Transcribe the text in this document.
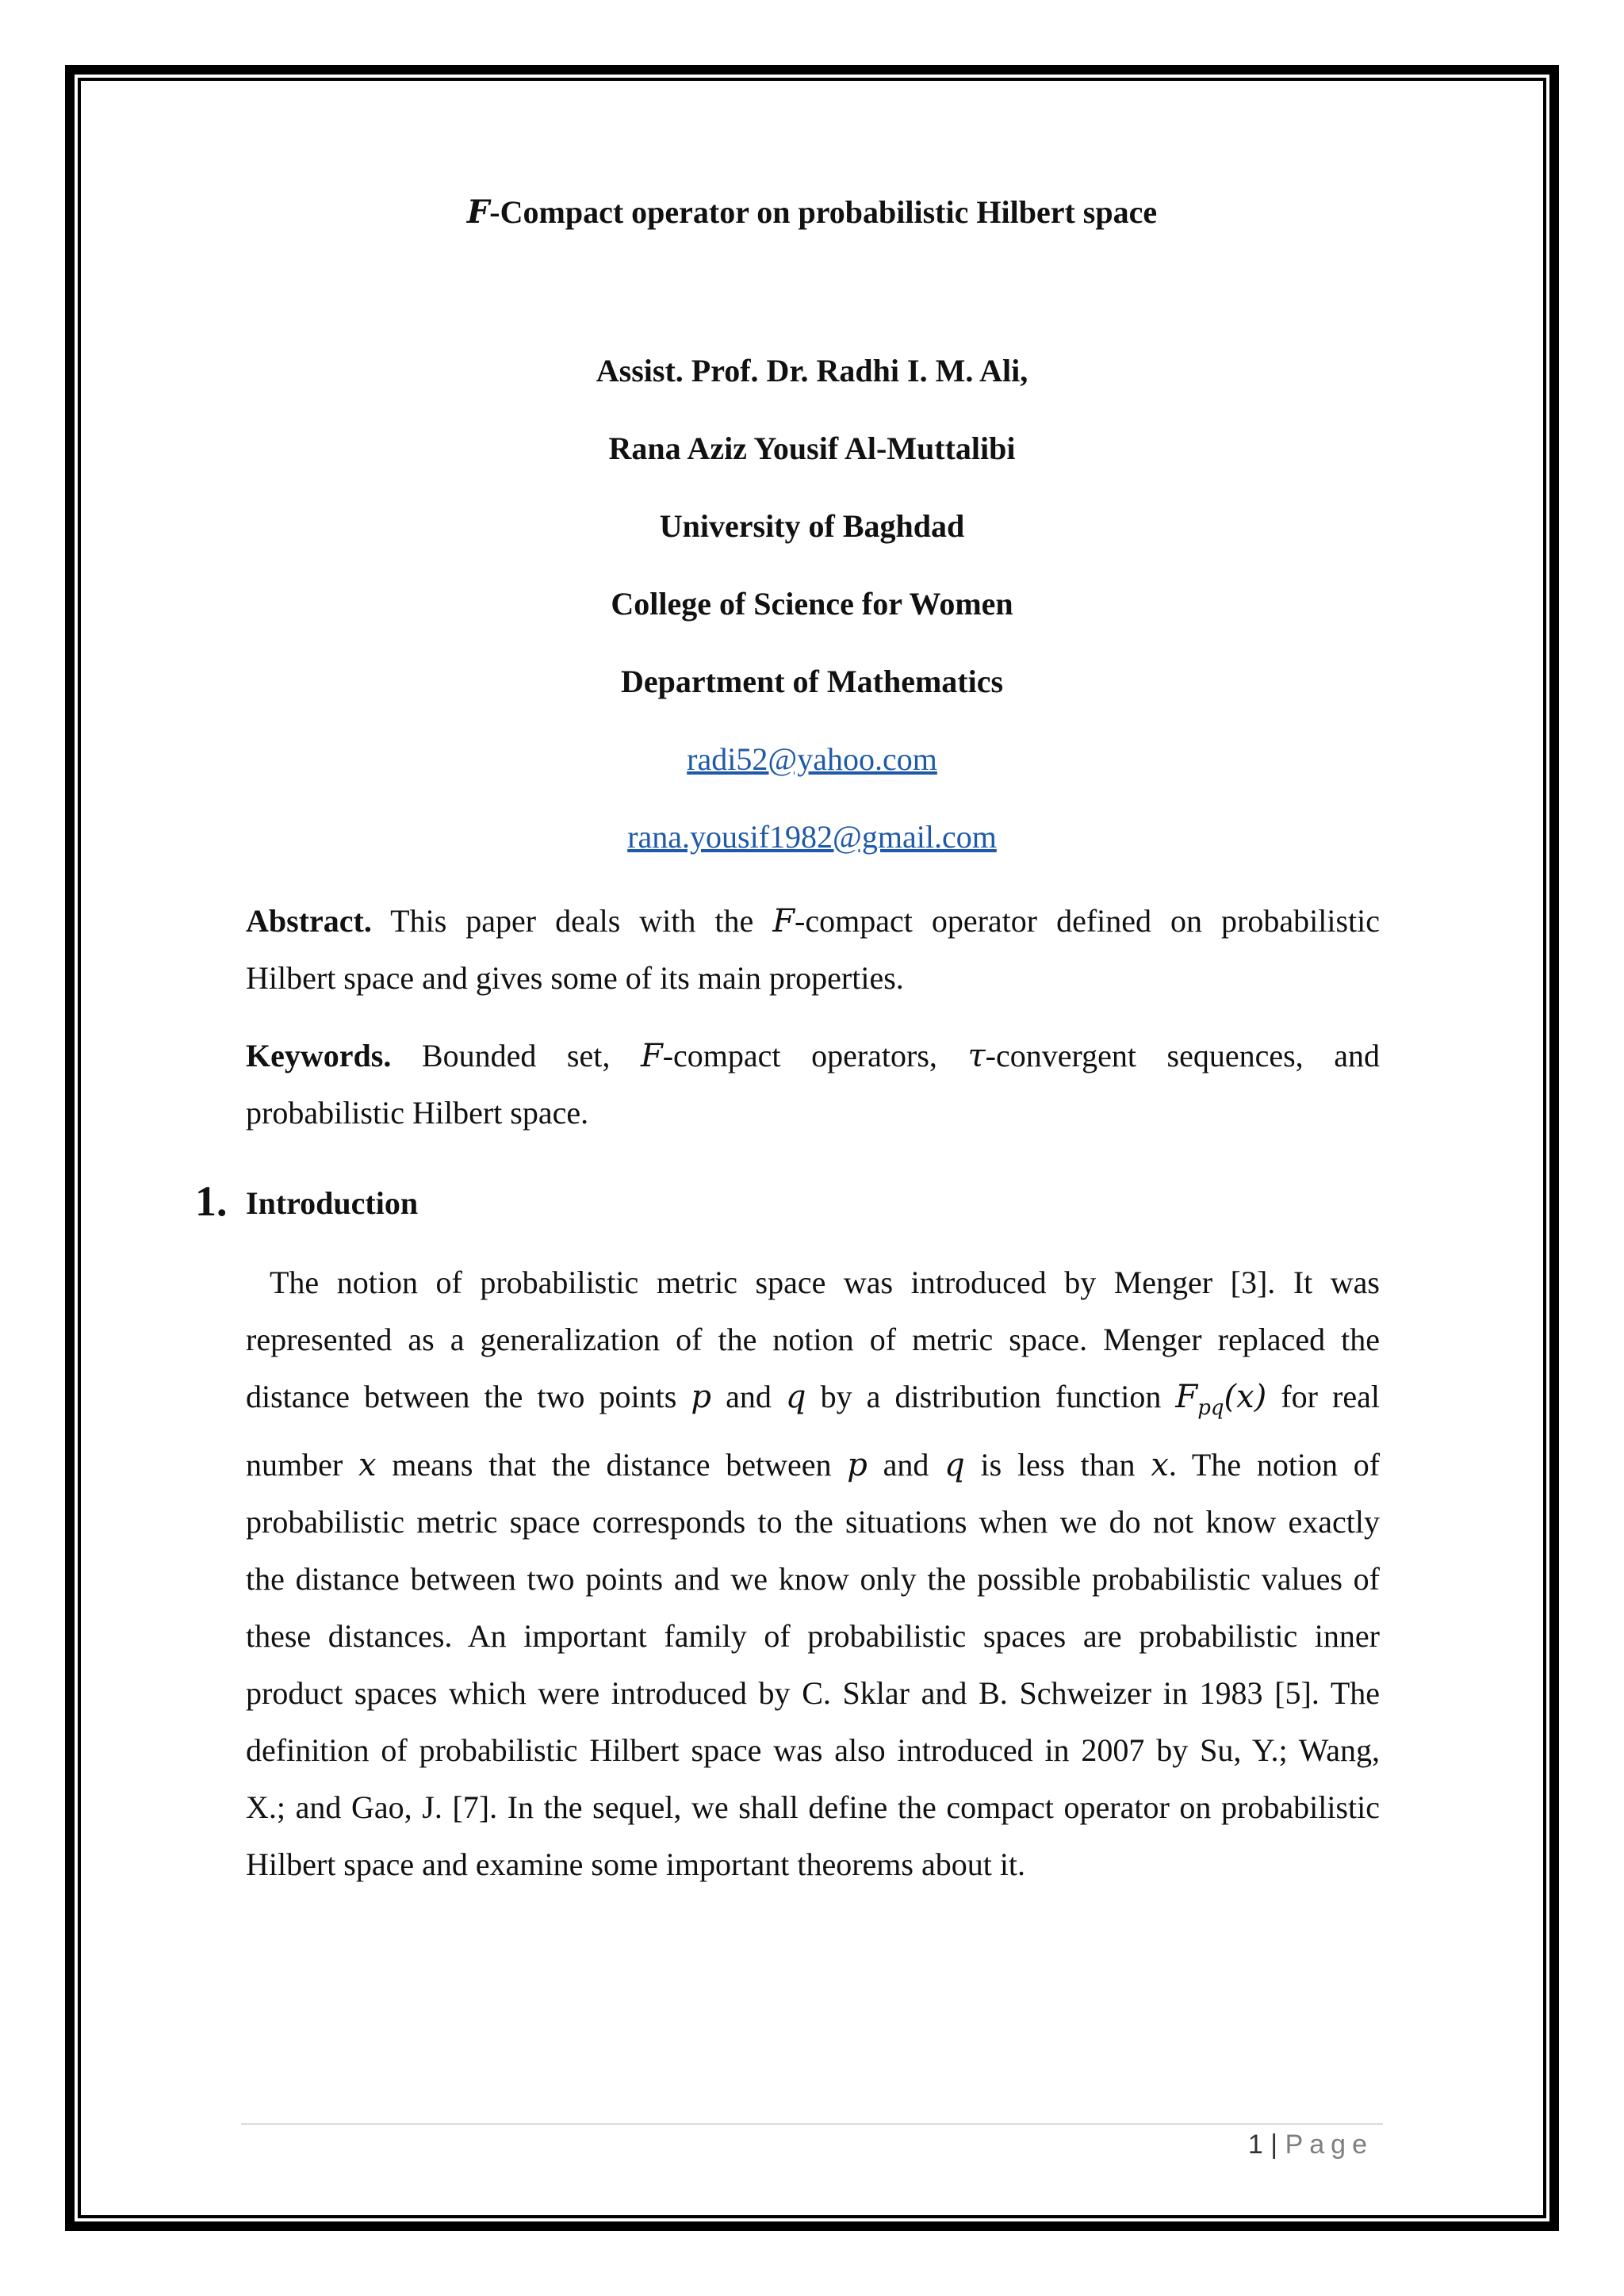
F-Compact operator on probabilistic Hilbert space
Assist. Prof. Dr. Radhi I. M. Ali,
Rana Aziz Yousif Al-Muttalibi
University of Baghdad
College of Science for Women
Department of Mathematics
radi52@yahoo.com
rana.yousif1982@gmail.com
Abstract. This paper deals with the F-compact operator defined on probabilistic
Hilbert space and gives some of its main properties.
Keywords. Bounded set, F-compact operators, τ-convergent sequences, and
probabilistic Hilbert space.
1. Introduction
The notion of probabilistic metric space was introduced by Menger [3]. It was
represented as a generalization of the notion of metric space. Menger replaced the
distance between the two points p and q by a distribution function $F_{pq}(x)$ for real
number x means that the distance between p and q is less than x. The notion of
probabilistic metric space corresponds to the situations when we do not know exactly
the distance between two points and we know only the possible probabilistic values of
these distances. An important family of probabilistic spaces are probabilistic inner
product spaces which were introduced by C. Sklar and B. Schweizer in 1983 [5]. The
definition of probabilistic Hilbert space was also introduced in 2007 by Su, Y.; Wang,
X.; and Gao, J. [7]. In the sequel, we shall define the compact operator on probabilistic
Hilbert space and examine some important theorems about it.
1 | Page
